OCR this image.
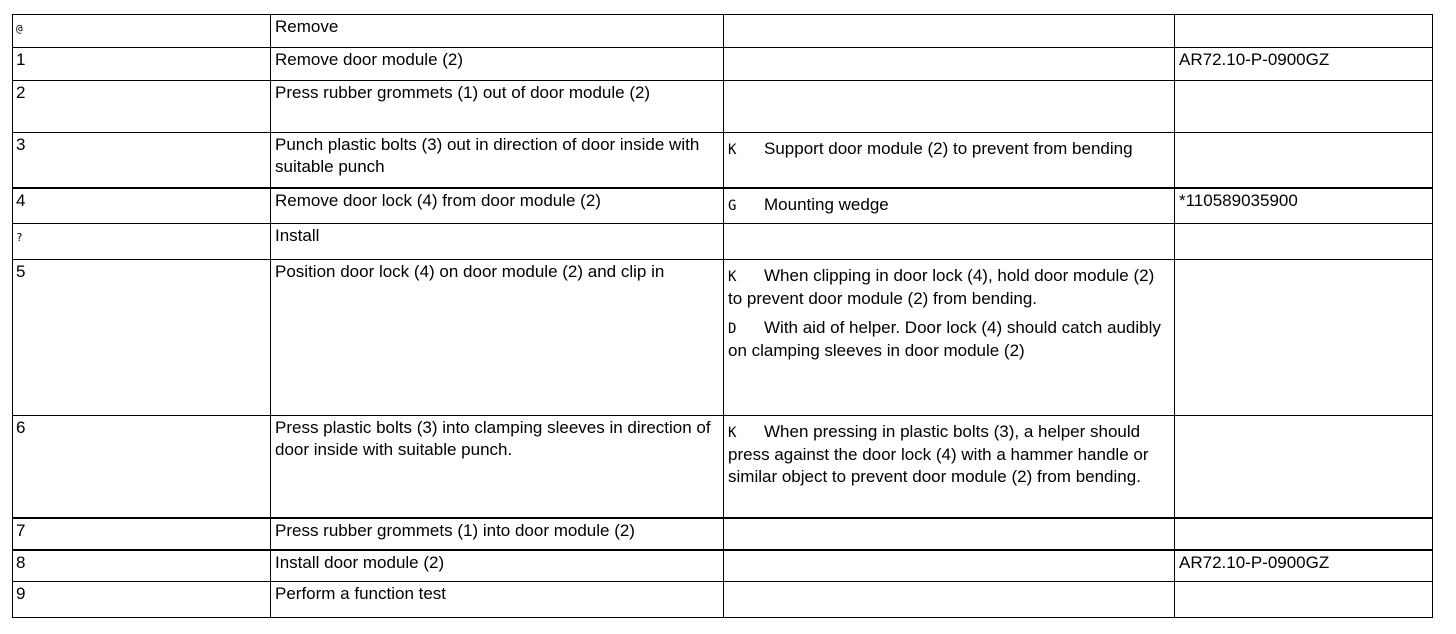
@	Remove		
1	Remove door module (2)		AR72.10-P-0900GZ
2	Press rubber grommets (1) out of door module (2)		
3	Punch plastic bolts (3) out in direction of door inside with suitable punch	K Support door module (2) to prevent from bending	

4	Remove door lock (4) from door module (2)	G Mounting wedge	*110589035900
?	Install		
5	Position door lock (4) on door module (2) and clip in	K When clipping in door lock (4), hold door module (2) to prevent door module (2) from bending.

D With aid of helper. Door lock (4) should catch audibly on clamping sleeves in door module (2)	

6	Press plastic bolts (3) into clamping sleeves in direction of door inside with suitable punch.	K When pressing in plastic bolts (3), a helper should press against the door lock (4) with a hammer handle or similar object to prevent door module (2) from bending.	

7	Press rubber grommets (1) into door module (2)		
8	Install door module (2)		AR72.10-P-0900GZ
9	Perform a function test		
